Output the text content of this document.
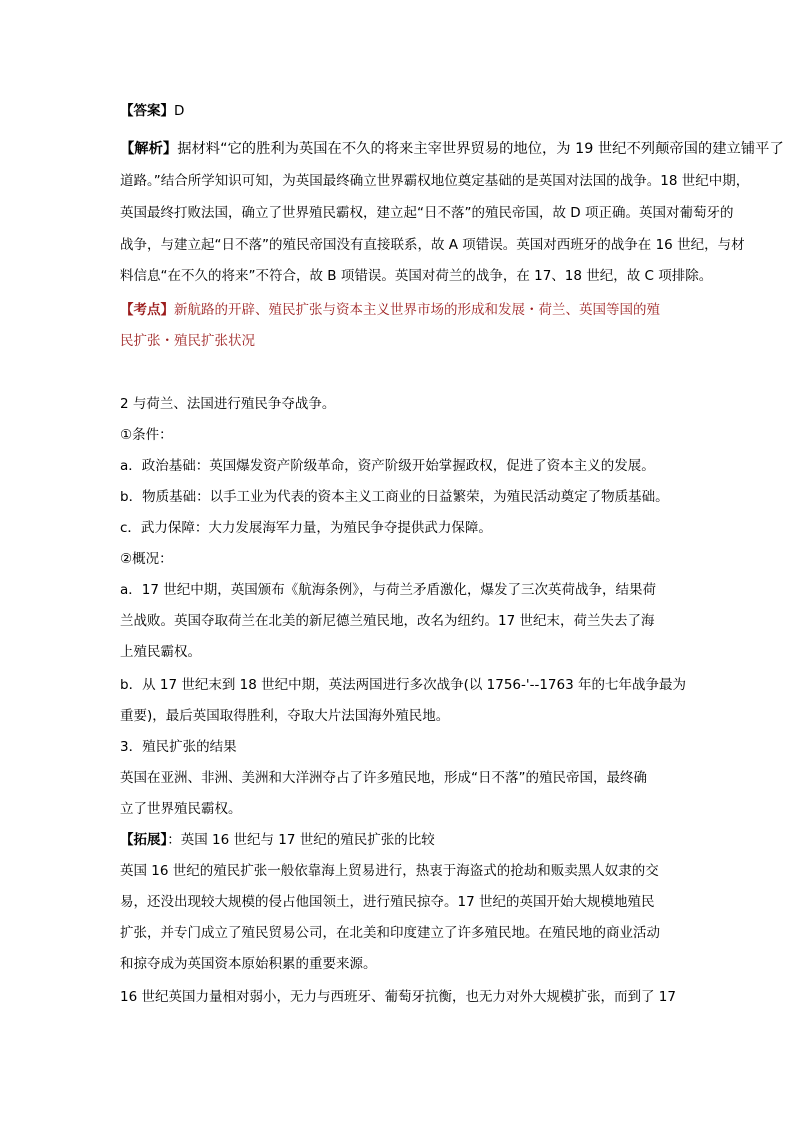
【答案】D
【解析】据材料“它的胜利为英国在不久的将来主宰世界贸易的地位，为 19 世纪不列颠帝国的建立铺平了
道路。”结合所学知识可知，为英国最终确立世界霸权地位奠定基础的是英国对法国的战争。18 世纪中期，
英国最终打败法国，确立了世界殖民霸权，建立起“日不落”的殖民帝国，故 D 项正确。英国对葡萄牙的
战争，与建立起“日不落”的殖民帝国没有直接联系，故 A 项错误。英国对西班牙的战争在 16 世纪，与材
料信息“在不久的将来”不符合，故 B 项错误。英国对荷兰的战争，在 17、18 世纪，故 C 项排除。
【考点】新航路的开辟、殖民扩张与资本主义世界市场的形成和发展・荷兰、英国等国的殖
民扩张・殖民扩张状况
2 与荷兰、法国进行殖民争夺战争。
①条件：
a．政治基础：英国爆发资产阶级革命，资产阶级开始掌握政权，促进了资本主义的发展。
b．物质基础：以手工业为代表的资本主义工商业的日益繁荣，为殖民活动奠定了物质基础。
c．武力保障：大力发展海军力量，为殖民争夺提供武力保障。
②概况：
a．17 世纪中期，英国颁布《航海条例》，与荷兰矛盾激化，爆发了三次英荷战争，结果荷
兰战败。英国夺取荷兰在北美的新尼德兰殖民地，改名为纽约。17 世纪末，荷兰失去了海
上殖民霸权。
b．从 17 世纪末到 18 世纪中期，英法两国进行多次战争(以 1756-'--1763 年的七年战争最为
重要)，最后英国取得胜利，夺取大片法国海外殖民地。
3．殖民扩张的结果
英国在亚洲、非洲、美洲和大洋洲夺占了许多殖民地，形成“日不落”的殖民帝国，最终确
立了世界殖民霸权。
【拓展】：英国 16 世纪与 17 世纪的殖民扩张的比较
英国 16 世纪的殖民扩张一般依靠海上贸易进行，热衷于海盗式的抢劫和贩卖黑人奴隶的交
易，还没出现较大规模的侵占他国领土，进行殖民掠夺。17 世纪的英国开始大规模地殖民
扩张，并专门成立了殖民贸易公司，在北美和印度建立了许多殖民地。在殖民地的商业活动
和掠夺成为英国资本原始积累的重要来源。
16 世纪英国力量相对弱小，无力与西班牙、葡萄牙抗衡，也无力对外大规模扩张，而到了 17
